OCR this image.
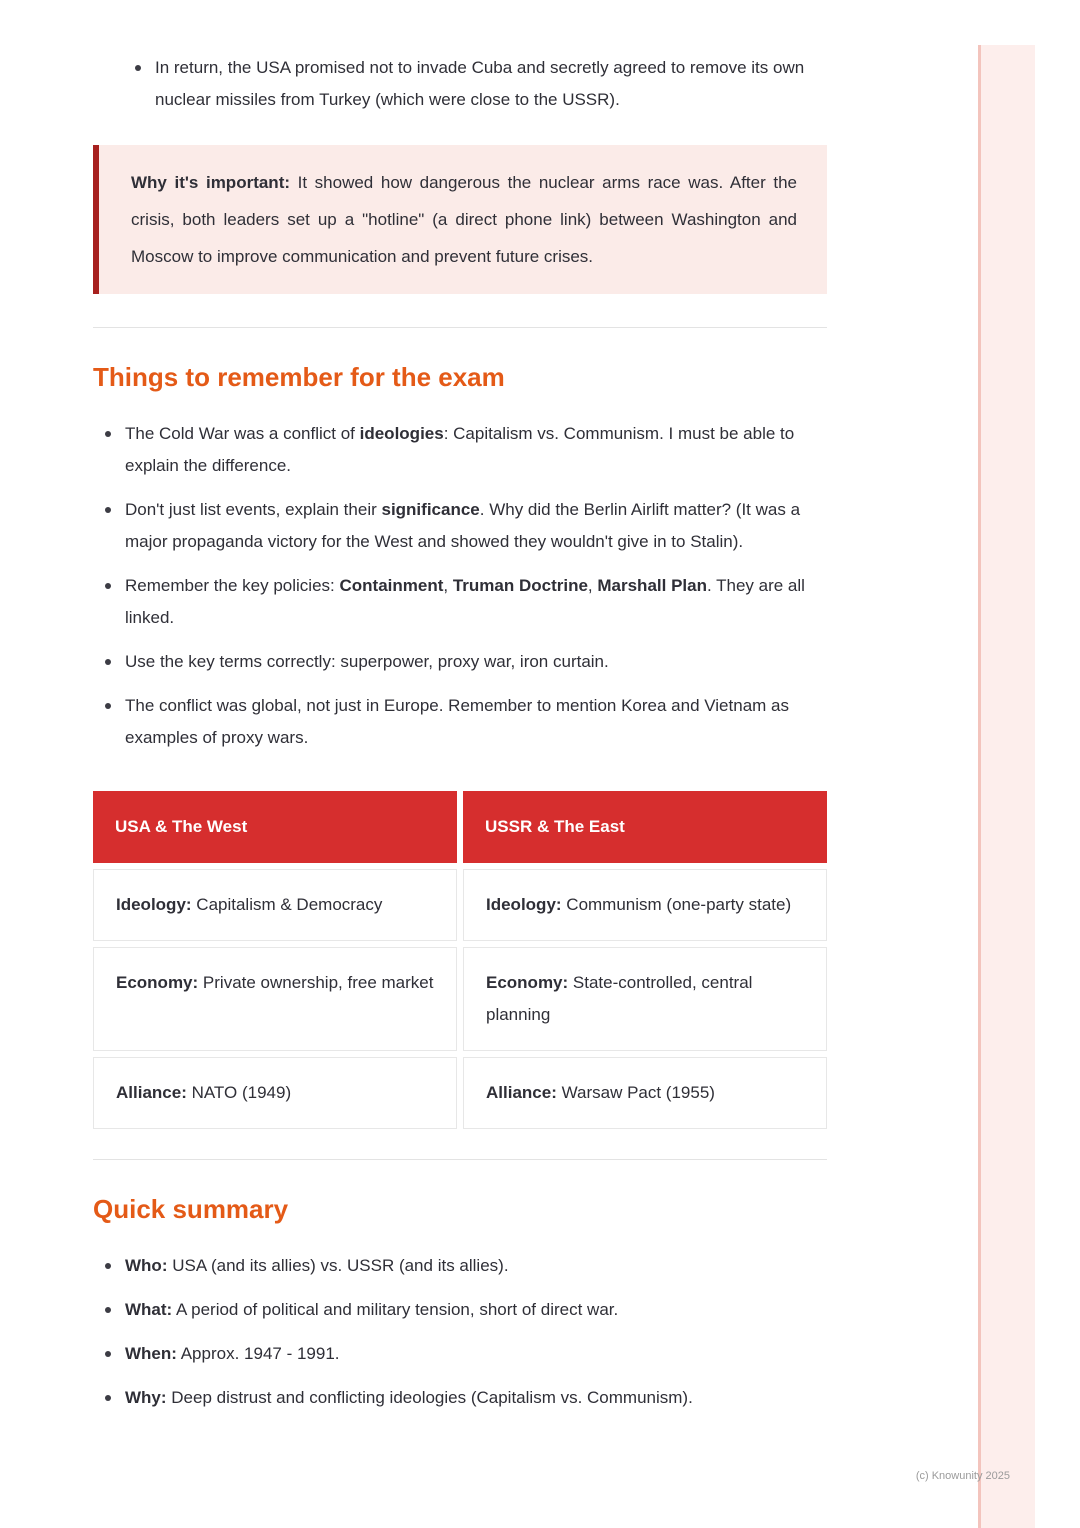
In return, the USA promised not to invade Cuba and secretly agreed to remove its own nuclear missiles from Turkey (which were close to the USSR).

Why it's important: It showed how dangerous the nuclear arms race was. After the crisis, both leaders set up a "hotline" (a direct phone link) between Washington and Moscow to improve communication and prevent future crises.

Things to remember for the exam
The Cold War was a conflict of ideologies: Capitalism vs. Communism. I must be able to explain the difference.
Don't just list events, explain their significance. Why did the Berlin Airlift matter? (It was a major propaganda victory for the West and showed they wouldn't give in to Stalin).
Remember the key policies: Containment, Truman Doctrine, Marshall Plan. They are all linked.
Use the key terms correctly: superpower, proxy war, iron curtain.
The conflict was global, not just in Europe. Remember to mention Korea and Vietnam as examples of proxy wars.
USA & The West	USSR & The East
Ideology: Capitalism & Democracy	Ideology: Communism (one-party state)
Economy: Private ownership, free market	Economy: State-controlled, central planning
Alliance: NATO (1949)	Alliance: Warsaw Pact (1955)
Quick summary
Who: USA (and its allies) vs. USSR (and its allies).
What: A period of political and military tension, short of direct war.
When: Approx. 1947 - 1991.
Why: Deep distrust and conflicting ideologies (Capitalism vs. Communism).
(c) Knowunity 2025
